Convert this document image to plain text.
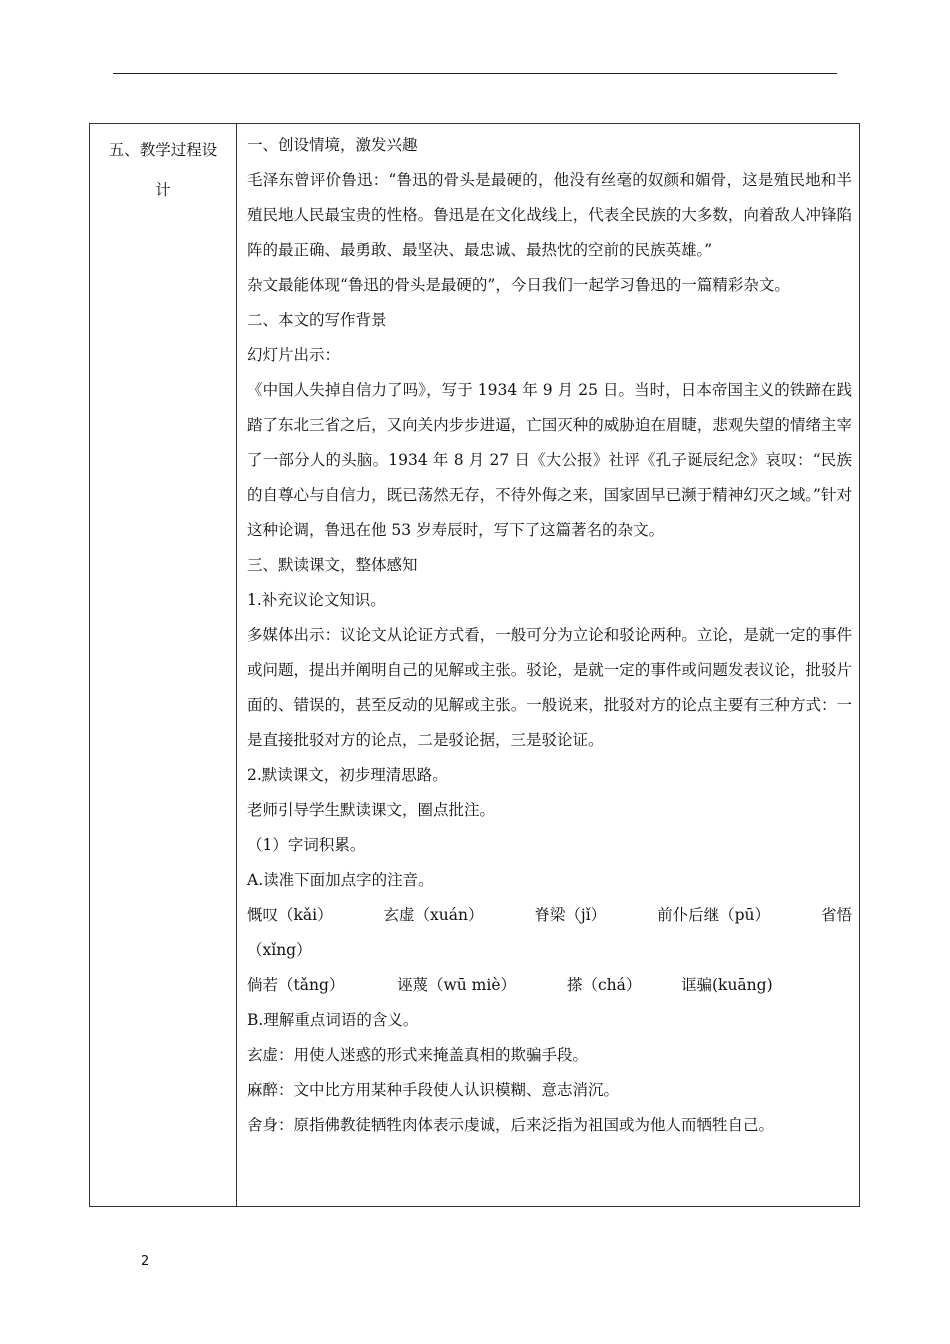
五、教学过程设
计

一、创设情境，激发兴趣

毛泽东曾评价鲁迅：“鲁迅的骨头是最硬的，他没有丝毫的奴颜和媚骨，这是殖民地和半殖民地人民最宝贵的性格。鲁迅是在文化战线上，代表全民族的大多数，向着敌人冲锋陷阵的最正确、最勇敢、最坚决、最忠诚、最热忱的空前的民族英雄。”

杂文最能体现“鲁迅的骨头是最硬的”，今日我们一起学习鲁迅的一篇精彩杂文。

二、本文的写作背景

幻灯片出示：

《中国人失掉自信力了吗》，写于 1934 年 9 月 25 日。当时，日本帝国主义的铁蹄在践踏了东北三省之后，又向关内步步进逼，亡国灭种的威胁迫在眉睫，悲观失望的情绪主宰了一部分人的头脑。1934 年 8 月 27 日《大公报》社评《孔子诞辰纪念》哀叹：“民族的自尊心与自信力，既已荡然无存，不待外侮之来，国家固早已濒于精神幻灭之域。”针对这种论调，鲁迅在他 53 岁寿辰时，写下了这篇著名的杂文。

三、默读课文，整体感知

1.补充议论文知识。

多媒体出示：议论文从论证方式看，一般可分为立论和驳论两种。立论，是就一定的事件或问题，提出并阐明自己的见解或主张。驳论，是就一定的事件或问题发表议论，批驳片面的、错误的，甚至反动的见解或主张。一般说来，批驳对方的论点主要有三种方式：一是直接批驳对方的论点，二是驳论据，三是驳论证。

2.默读课文，初步理清思路。

老师引导学生默读课文，圈点批注。

（1）字词积累。

A.读准下面加点字的注音。

慨叹（kǎi）	玄虚（xuán）	脊梁（jǐ）	前仆后继（pū）	省悟

（xǐng）

倘若（tǎng）	诬蔑（wū miè）	搽（chá）	诓骗(kuāng)

B.理解重点词语的含义。

玄虚：用使人迷惑的形式来掩盖真相的欺骗手段。

麻醉：文中比方用某种手段使人认识模糊、意志消沉。

舍身：原指佛教徒牺牲肉体表示虔诚，后来泛指为祖国或为他人而牺牲自己。

2
